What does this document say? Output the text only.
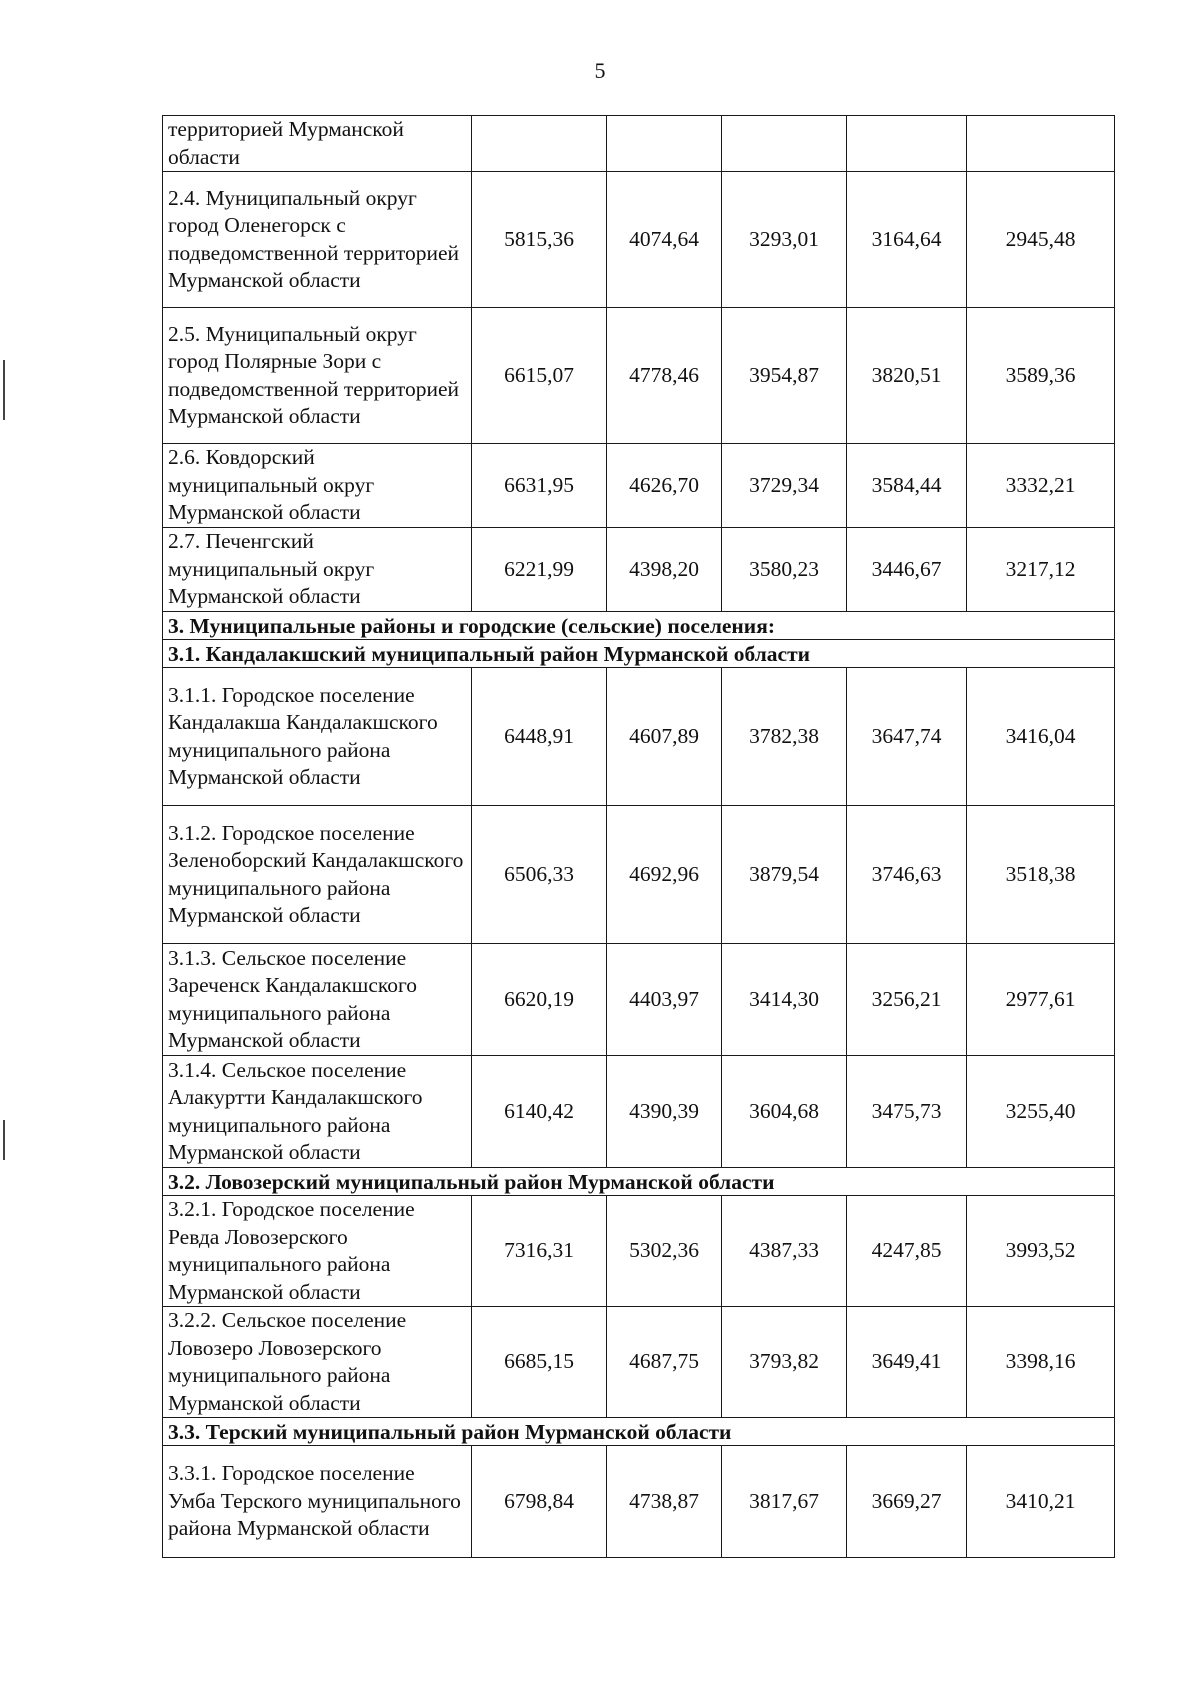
5
территорией Мурманской области					
2.4. Муниципальный округ город Оленегорск с подведомственной территорией Мурманской области	5815,36	4074,64	3293,01	3164,64	2945,48
2.5. Муниципальный округ город Полярные Зори с подведомственной территорией Мурманской области	6615,07	4778,46	3954,87	3820,51	3589,36
2.6. Ковдорский муниципальный округ Мурманской области	6631,95	4626,70	3729,34	3584,44	3332,21
2.7. Печенгский муниципальный округ Мурманской области	6221,99	4398,20	3580,23	3446,67	3217,12
3. Муниципальные районы и городские (сельские) поселения:					
3.1. Кандалакшский муниципальный район Мурманской области					
3.1.1. Городское поселение Кандалакша Кандалакшского муниципального района Мурманской области	6448,91	4607,89	3782,38	3647,74	3416,04
3.1.2. Городское поселение Зеленоборский Кандалакшского муниципального района Мурманской области	6506,33	4692,96	3879,54	3746,63	3518,38
3.1.3. Сельское поселение Зареченск Кандалакшского муниципального района Мурманской области	6620,19	4403,97	3414,30	3256,21	2977,61
3.1.4. Сельское поселение Алакуртти Кандалакшского муниципального района Мурманской области	6140,42	4390,39	3604,68	3475,73	3255,40
3.2. Ловозерский муниципальный район Мурманской области					
3.2.1. Городское поселение Ревда Ловозерского муниципального района Мурманской области	7316,31	5302,36	4387,33	4247,85	3993,52
3.2.2. Сельское поселение Ловозеро Ловозерского муниципального района Мурманской области	6685,15	4687,75	3793,82	3649,41	3398,16
3.3. Терский муниципальный район Мурманской области					
3.3.1. Городское поселение Умба Терского муниципального района Мурманской области	6798,84	4738,87	3817,67	3669,27	3410,21
